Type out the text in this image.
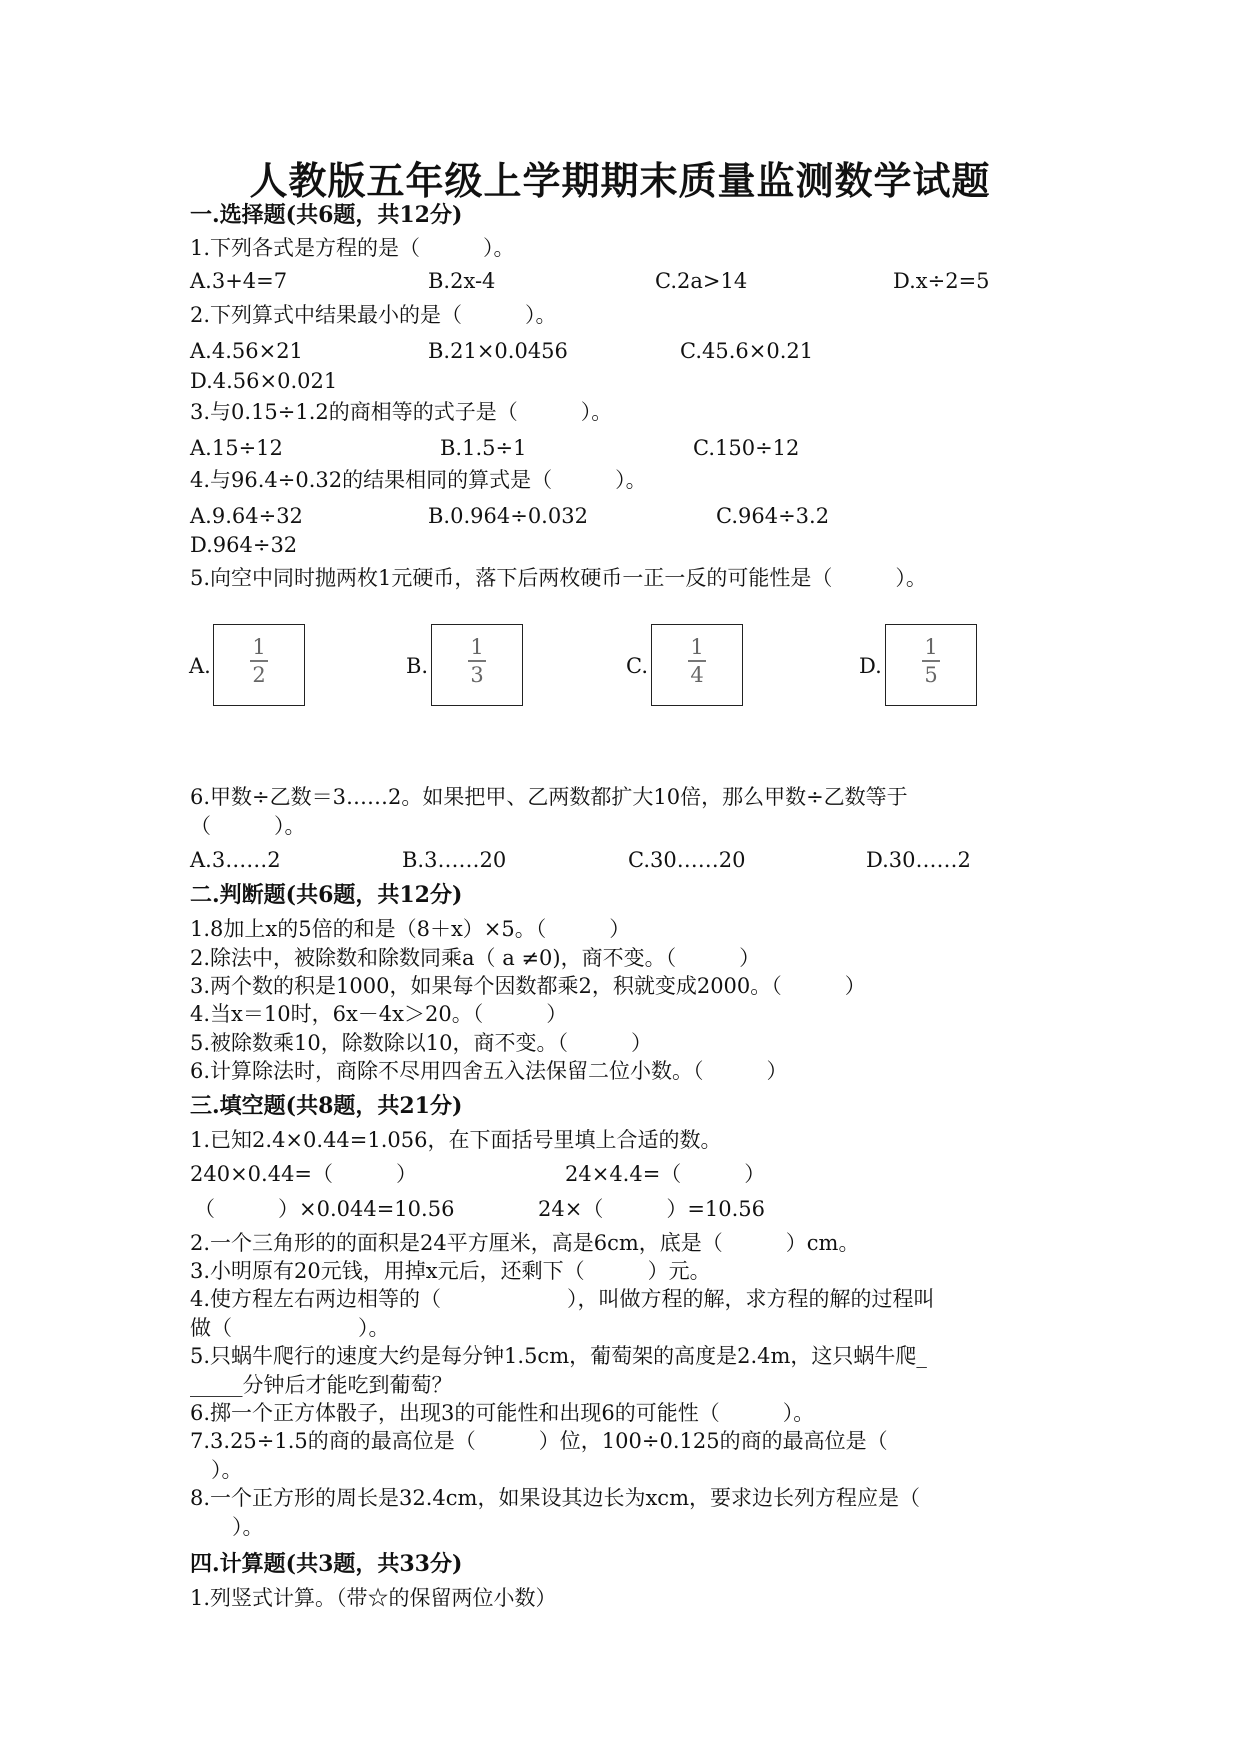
人教版五年级上学期期末质量监测数学试题
一.选择题(共6题，共12分)
1.下列各式是方程的是（　　　）。
A.3+4=7	B.2x-4	C.2a>14	D.x÷2=5
2.下列算式中结果最小的是（　　　）。
A.4.56×21	B.21×0.0456	C.45.6×0.21
D.4.56×0.021
3.与0.15÷1.2的商相等的式子是（　　　）。
A.15÷12	B.1.5÷1	C.150÷12
4.与96.4÷0.32的结果相同的算式是（　　　）。
A.9.64÷32	B.0.964÷0.032	C.964÷3.2
D.964÷32
5.向空中同时抛两枚1元硬币，落下后两枚硬币一正一反的可能性是（　　　）。
A.
1
2	B.
1
3	C.
1
4	D.
1
5
6.甲数÷乙数＝3……2。如果把甲、乙两数都扩大10倍，那么甲数÷乙数等于
（　　　）。
A.3……2	B.3……20	C.30……20	D.30……2
二.判断题(共6题，共12分)
1.8加上x的5倍的和是（8＋x）×5。（　　　）
2.除法中，被除数和除数同乘a（ a ≠0)，商不变。（　　　）
3.两个数的积是1000，如果每个因数都乘2，积就变成2000。（　　　）
4.当x＝10时，6x－4x＞20。（　　　）
5.被除数乘10，除数除以10，商不变。（　　　）
6.计算除法时，商除不尽用四舍五入法保留二位小数。（　　　）
三.填空题(共8题，共21分)
1.已知2.4×0.44=1.056，在下面括号里填上合适的数。
240×0.44=（　　　）	24×4.4=（　　　）
（　　　）×0.044=10.56	24×（　　　）=10.56
2.一个三角形的的面积是24平方厘米，高是6cm，底是（　　　）cm。
3.小明原有20元钱，用掉x元后，还剩下（　　　）元。
4.使方程左右两边相等的（　　　　　　），叫做方程的解，求方程的解的过程叫
做（　　　　　　）。
5.只蜗牛爬行的速度大约是每分钟1.5cm，葡萄架的高度是2.4m，这只蜗牛爬_
_____分钟后才能吃到葡萄？
6.掷一个正方体骰子，出现3的可能性和出现6的可能性（　　　）。
7.3.25÷1.5的商的最高位是（　　　）位，100÷0.125的商的最高位是（
　）。
8.一个正方形的周长是32.4cm，如果设其边长为xcm，要求边长列方程应是（
　　）。
四.计算题(共3题，共33分)
1.列竖式计算。（带☆的保留两位小数）
